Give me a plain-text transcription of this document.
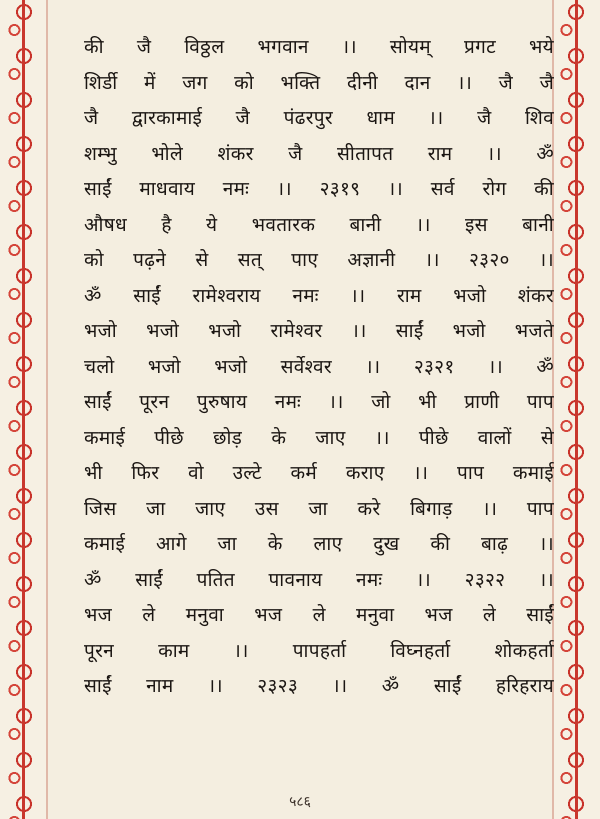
की जै विठ्ठल भगवान ।। सोयम् प्रगट भये
शिर्डी में जग को भक्ति दीनी दान ।। जै जै
जै द्वारकामाई जै पंढरपुर धाम ।। जै शिव
शम्भु भोले शंकर जै सीतापत राम ।। ॐ
साईं माधवाय नमः ।। २३१९ ।। सर्व रोग की
औषध है ये भवतारक बानी ।। इस बानी
को पढ़ने से सत् पाए अज्ञानी ।। २३२० ।।
ॐ साईं रामेश्वराय नमः ।। राम भजो शंकर
भजो भजो भजो रामेश्वर ।। साईं भजो भजते
चलो भजो भजो सर्वेश्वर ।। २३२१ ।। ॐ
साईं पूरन पुरुषाय नमः ।। जो भी प्राणी पाप
कमाई पीछे छोड़ के जाए ।। पीछे वालों से
भी फिर वो उल्टे कर्म कराए ।। पाप कमाई
जिस जा जाए उस जा करे बिगाड़ ।। पाप
कमाई आगे जा के लाए दुख की बाढ़ ।।
ॐ साईं पतित पावनाय नमः ।। २३२२ ।।
भज ले मनुवा भज ले मनुवा भज ले साईं
पूरन काम ।। पापहर्ता विघ्नहर्ता शोकहर्ता
साईं नाम ।। २३२३ ।। ॐ साईं हरिहराय
५८६
